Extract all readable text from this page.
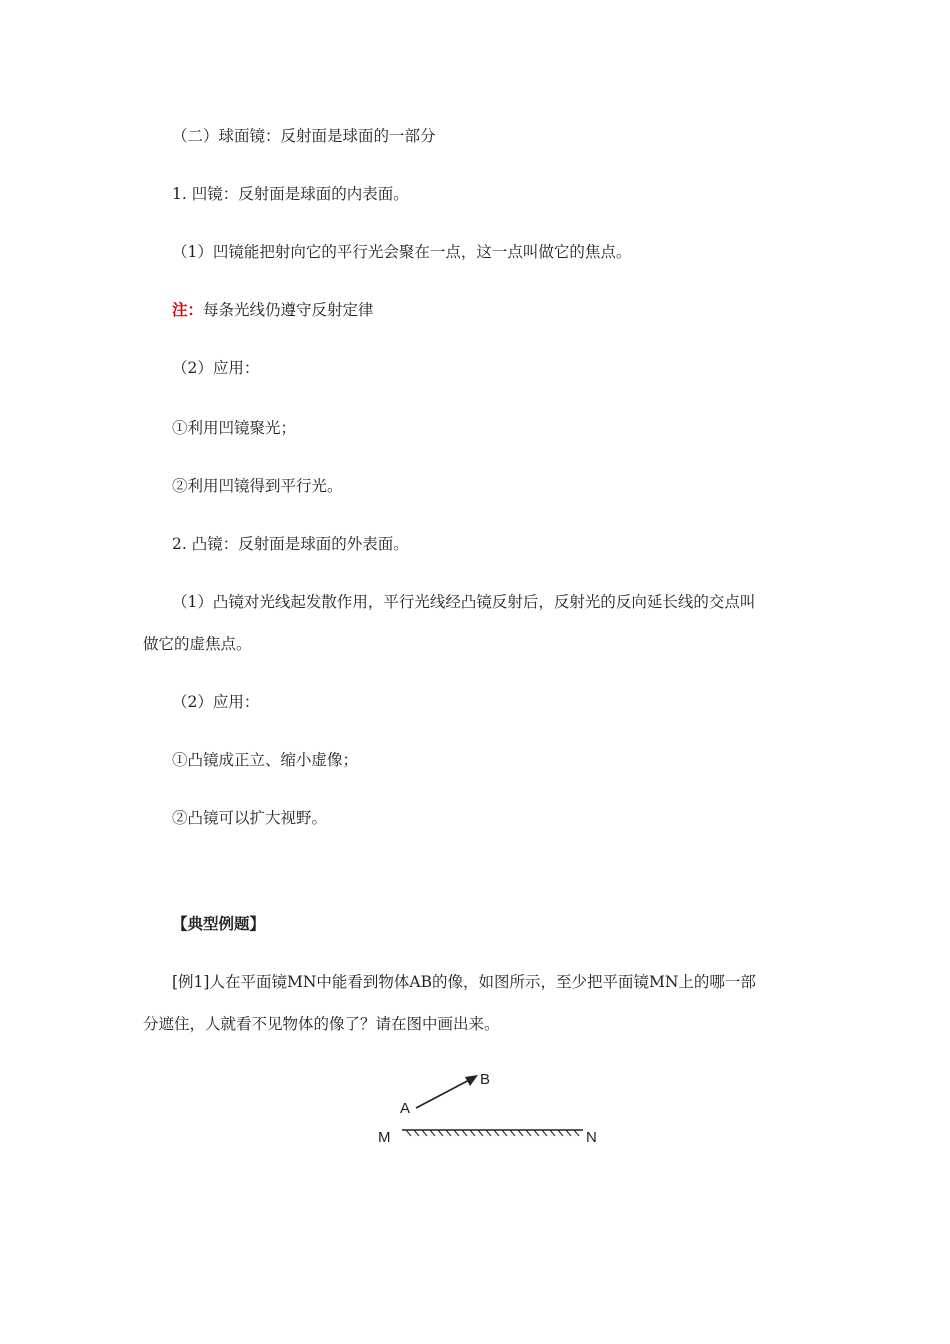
（二）球面镜：反射面是球面的一部分
1. 凹镜：反射面是球面的内表面。
（1）凹镜能把射向它的平行光会聚在一点，这一点叫做它的焦点。
注：每条光线仍遵守反射定律
（2）应用：
①利用凹镜聚光；
②利用凹镜得到平行光。
2. 凸镜：反射面是球面的外表面。
（1）凸镜对光线起发散作用，平行光线经凸镜反射后，反射光的反向延长线的交点叫
做它的虚焦点。
（2）应用：
①凸镜成正立、缩小虚像；
②凸镜可以扩大视野。
【典型例题】
[例1]人在平面镜MN中能看到物体AB的像，如图所示，至少把平面镜MN上的哪一部
分遮住，人就看不见物体的像了？请在图中画出来。
A
B
M	N
